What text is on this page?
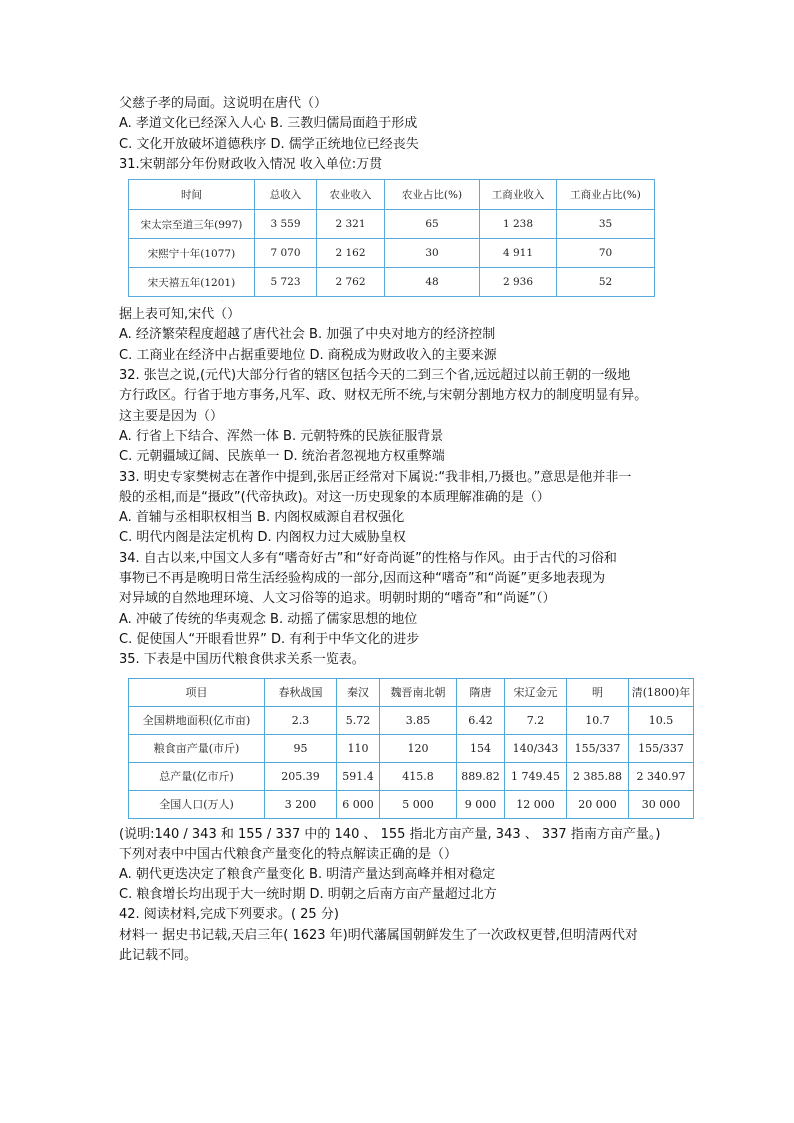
父慈子孝的局面。这说明在唐代（）
A. 孝道文化已经深入人心 B. 三教归儒局面趋于形成
C. 文化开放破坏道德秩序 D. 儒学正统地位已经丧失
31.宋朝部分年份财政收入情况 收入单位:万贯
时间	总收入	农业收入	农业占比(%)	工商业收入	工商业占比(%)
宋太宗至道三年(997)	3 559	2 321	65	1 238	35
宋熙宁十年(1077)	7 070	2 162	30	4 911	70
宋天禧五年(1201)	5 723	2 762	48	2 936	52
·
据上表可知,宋代（）
A. 经济繁荣程度超越了唐代社会 B. 加强了中央对地方的经济控制
C. 工商业在经济中占据重要地位 D. 商税成为财政收入的主要来源
32. 张岂之说,(元代)大部分行省的辖区包括今天的二到三个省,远远超过以前王朝的一级地
方行政区。行省于地方事务,凡军、政、财权无所不统,与宋朝分割地方权力的制度明显有异。
这主要是因为（）
A. 行省上下结合、浑然一体 B. 元朝特殊的民族征服背景
C. 元朝疆域辽阔、民族单一 D. 统治者忽视地方权重弊端
33. 明史专家樊树志在著作中提到,张居正经常对下属说:“我非相,乃摄也。”意思是他并非一
般的丞相,而是“摄政”(代帝执政)。对这一历史现象的本质理解准确的是（）
A. 首辅与丞相职权相当 B. 内阁权威源自君权强化
C. 明代内阁是法定机构 D. 内阁权力过大威胁皇权
34. 自古以来,中国文人多有“嗜奇好古”和“好奇尚诞”的性格与作风。由于古代的习俗和
事物已不再是晚明日常生活经验构成的一部分,因而这种“嗜奇”和“尚诞”更多地表现为
对异域的自然地理环境、人文习俗等的追求。明朝时期的“嗜奇”和“尚诞”（）
A. 冲破了传统的华夷观念 B. 动摇了儒家思想的地位
C. 促使国人“开眼看世界” D. 有利于中华文化的进步
35. 下表是中国历代粮食供求关系一览表。
项目	春秋战国	秦汉	魏晋南北朝	隋唐	宋辽金元	明	清(1800)年
全国耕地面积(亿市亩)	2.3	5.72	3.85	6.42	7.2	10.7	10.5
粮食亩产量(市斤)	95	110	120	154	140/343	155/337	155/337
总产量(亿市斤)	205.39	591.4	415.8	889.82	1 749.45	2 385.88	2 340.97
全国人口(万人)	3 200	6 000	5 000	9 000	12 000	20 000	30 000
(说明:140 / 343 和 155 / 337 中的 140 、 155 指北方亩产量, 343 、 337 指南方亩产量。)
下列对表中中国古代粮食产量变化的特点解读正确的是（）
A. 朝代更迭决定了粮食产量变化 B. 明清产量达到高峰并相对稳定
C. 粮食增长均出现于大一统时期 D. 明朝之后南方亩产量超过北方
42. 阅读材料,完成下列要求。( 25 分)
材料一 据史书记载,天启三年( 1623 年)明代藩属国朝鲜发生了一次政权更替,但明清两代对
此记载不同。
